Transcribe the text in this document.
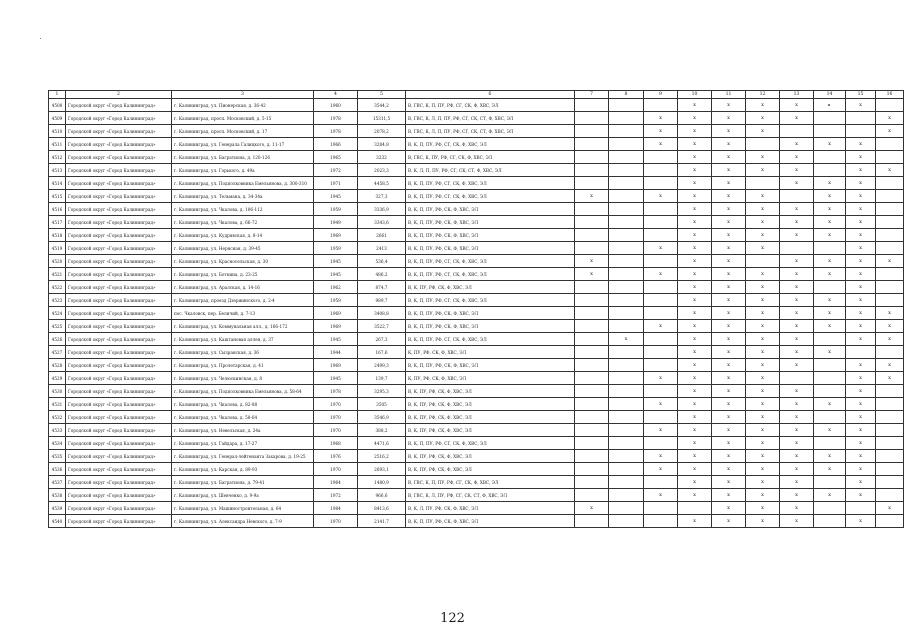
1	2	3	4	5	6	7	8	9	10	11	12	13	14	15	16
4508	Городской округ «Город Калининград»	г. Калининград, ул. Пионерская, д. 36-42	1960	3544,2	В, ГВС, К, П, ПУ, РФ, СГ, СК, Ф, ХВС, ЭЛ				x	x	x	x		x	
4509	Городской округ «Город Калининград»	г. Калининград, просп. Московский, д. 5-15	1978	15311,5	В, ГВС, К, Л, П, ПУ, РФ, СГ, СК, СТ, Ф, ХВС, ЭЛ			x	x	x	x	x			x
4510	Городской округ «Город Калининград»	г. Калининград, просп. Московский, д. 17	1978	2078,2	В, ГВС, К, Л, П, ПУ, РФ, СГ, СК, СТ, Ф, ХВС, ЭЛ			x	x	x	x				x
4511	Городской округ «Город Калининград»	г. Калининград, ул. Генерала Галицкого, д. 11-17	1966	3284,8	В, К, П, ПУ, РФ, СГ, СК, Ф, ХВС, ЭЛ			x	x	x		x	x	x	
4512	Городской округ «Город Калининград»	г. Калининград, ул. Багратиона, д. 120-126	1965	3232	В, ГВС, К, ПУ, РФ, СГ, СК, Ф, ХВС, ЭЛ				x	x	x	x		x	
4513	Городской округ «Город Калининград»	г. Калининград, ул. Горького, д. 49а	1972	2023,3	В, К, Л, П, ПУ, РФ, СГ, СК, СТ, Ф, ХВС, ЭЛ				x	x	x	x		x	x
4514	Городской округ «Город Калининград»	г. Калининград, ул. Подполковника Емельянова, д. 300-310	1971	4458,5	В, К, П, ПУ, РФ, СГ, СК, Ф, ХВС, ЭЛ				x	x		x	x	x	
4515	Городской округ «Город Калининград»	г. Калининград, ул. Тельмана, д. 34-34а	1945	327,3	В, К, П, ПУ, РФ, СГ, СК, Ф, ХВС, ЭЛ	x		x	x	x	x		x	x	
4516	Городской округ «Город Калининград»	г. Калининград, ул. Чкалова, д. 106-112	1959	3336,9	В, К, П, ПУ, РФ, СК, Ф, ХВС, ЭЛ				x	x	x	x	x	x	
4517	Городской округ «Город Калининград»	г. Калининград, ул. Чкалова, д. 66-72	1949	3343,6	В, К, П, ПУ, РФ, СК, Ф, ХВС, ЭЛ				x	x	x	x	x	x	
4518	Городской округ «Город Калининград»	г. Калининград, ул. Кудрявская, д. 8-14	1969	2661	В, К, П, ПУ, РФ, СК, Ф, ХВС, ЭЛ				x	x	x	x	x	x	
4519	Городской округ «Город Калининград»	г. Калининград, ул. Нерясная, д. 39-45	1959	2413	В, К, П, ПУ, РФ, СК, Ф, ХВС, ЭЛ			x	x	x	x			x	
4520	Городской округ «Город Калининград»	г. Калининград, ул. Красносельская, д. 30	1945	536,4	В, К, П, ПУ, РФ, СГ, СК, Ф, ХВС, ЭЛ	x			x	x		x	x	x	x
4521	Городской округ «Город Калининград»	г. Калининград, ул. Боткина, д. 23-25	1945	486,2	В, К, П, ПУ, РФ, СГ, СК, Ф, ХВС, ЭЛ	x		x	x	x	x	x	x	x	
4522	Городской округ «Город Калининград»	г. Калининград, ул. Аралская, д. 14-16	1962	874,7	В, К, ПУ, РФ, СК, Ф, ХВС, ЭЛ				x	x	x	x		x	
4523	Городской округ «Город Калининград»	г. Калининград, проезд Дзержинского, д. 2-4	1959	989,7	В, К, П, ПУ, РФ, СГ, СК, Ф, ХВС, ЭЛ				x	x	x	x	x	x	
4524	Городской округ «Город Калининград»	пос. Чкаловск, пер. Беличий, д. 7-13	1969	3408,8	В, К, П, ПУ, РФ, СК, Ф, ХВС, ЭЛ				x	x	x	x	x	x	x
4525	Городской округ «Город Калининград»	г. Калининград, ул. Коммунальная алл., д. 166-172	1969	3522,7	В, К, П, ПУ, РФ, СК, Ф, ХВС, ЭЛ			x	x	x	x	x	x	x	x
4526	Городской округ «Город Калининград»	г. Калининград, ул. Каштановая аллея, д. 37	1945	267,3	В, К, П, ПУ, РФ, СГ, СК, Ф, ХВС, ЭЛ		x		x	x	x	x		x	x
4527	Городской округ «Город Калининград»	г. Калининград, ул. Сызранская, д. 36	1944	167,6	К, ПУ, РФ, СК, Ф, ХВС, ЭЛ				x	x	x	x	x		
4528	Городской округ «Город Калининград»	г. Калининград, ул. Пролетарская, д. 41	1969	2499,3	В, К, П, ПУ, РФ, СК, Ф, ХВС, ЭЛ				x	x	x	x		x	x
4529	Городской округ «Город Калининград»	г. Калининград, ул. Челюскинская, д. 8	1945	139,7	К, ПУ, РФ, СК, Ф, ХВС, ЭЛ			x	x	x	x			x	x
4530	Городской округ «Город Калининград»	г. Калининград, ул. Подполковника Емельянова, д. 58-64	1978	3295,3	В, К, ПУ, РФ, СК, Ф, ХВС, ЭЛ				x	x	x	x		x	
4531	Городской округ «Город Калининград»	г. Калининград, ул. Чкалова, д. 82-88	1970	3505	В, К, ПУ, РФ, СК, Ф, ХВС, ЭЛ			x	x	x	x	x	x	x	
4532	Городской округ «Город Калининград»	г. Калининград, ул. Чкалова, д. 58-64	1970	3546,9	В, К, ПУ, РФ, СК, Ф, ХВС, ЭЛ				x	x	x	x		x	
4533	Городской округ «Город Калининград»	г. Калининград, ул. Невельская, д. 24а	1970	388,2	В, К, ПУ, РФ, СК, Ф, ХВС, ЭЛ			x	x	x	x	x	x	x	
4534	Городской округ «Город Калининград»	г. Калининград, ул. Гайдара, д. 17-27	1968	4471,6	В, К, П, ПУ, РФ, СГ, СК, Ф, ХВС, ЭЛ				x	x	x	x		x	
4535	Городской округ «Город Калининград»	г. Калининград, ул. Генерал-лейтенанта Захарова, д. 19-25	1976	2516,2	В, К, ПУ, РФ, СК, Ф, ХВС, ЭЛ			x	x	x	x	x	x	x	
4536	Городской округ «Город Калининград»	г. Калининград, ул. Карская, д. 89-93	1970	2693,1	В, К, ПУ, РФ, СК, Ф, ХВС, ЭЛ			x	x	x	x	x	x	x	
4537	Городской округ «Город Калининград»	г. Калининград, ул. Багратиона, д. 79-41	1964	1480,9	В, ГВС, К, П, ПУ, РФ, СГ, СК, Ф, ХВС, ЭЛ				x	x	x	x		x	
4538	Городской округ «Город Калининград»	г. Калининград, ул. Шевченко, д. 9-9а	1972	966,6	В, ГВС, К, Л, ПУ, РФ, СГ, СК, СТ, Ф, ХВС, ЭЛ			x	x	x	x	x	x	x	
4539	Городской округ «Город Калининград»	г. Калининград, ул. Машиностроительная, д. 64	1984	8413,6	В, К, Л, ПУ, РФ, СК, Ф, ХВС, ЭЛ	x				x	x	x			x
4540	Городской округ «Город Калининград»	г. Калининград, ул. Александра Невского, д. 7-9	1970	2141,7	В, К, П, ПУ, РФ, СК, Ф, ХВС, ЭЛ				x	x	x	x		x	
122
